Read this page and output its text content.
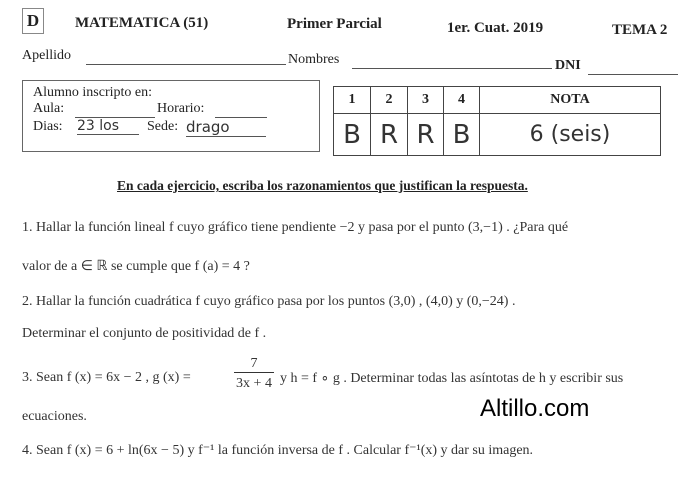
D	MATEMATICA (51)	Primer Parcial	1er. Cuat. 2019	TEMA 2
Apellido	Nombres	DNI
Alumno inscripto en:
Aula:	Horario:
Dias: 23 los	Sede: drago
1	2	3	4	NOTA
B	R	R	B	6 (seis)
En cada ejercicio, escriba los razonamientos que justifican la respuesta.
1. Hallar la función lineal f cuyo gráfico tiene pendiente −2 y pasa por el punto (3,−1) . ¿Para qué
valor de a ∈ ℝ se cumple que f (a) = 4 ?
2. Hallar la función cuadrática f cuyo gráfico pasa por los puntos (3,0) , (4,0) y (0,−24) .
Determinar el conjunto de positividad de f .
3. Sean f (x) = 6x − 2 , g (x) =
7
3x + 4 y h = f ∘ g . Determinar todas las asíntotas de h y escribir sus
ecuaciones.
4. Sean f (x) = 6 + ln(6x − 5) y f⁻¹ la función inversa de f . Calcular f⁻¹(x) y dar su imagen.
Altillo.com
